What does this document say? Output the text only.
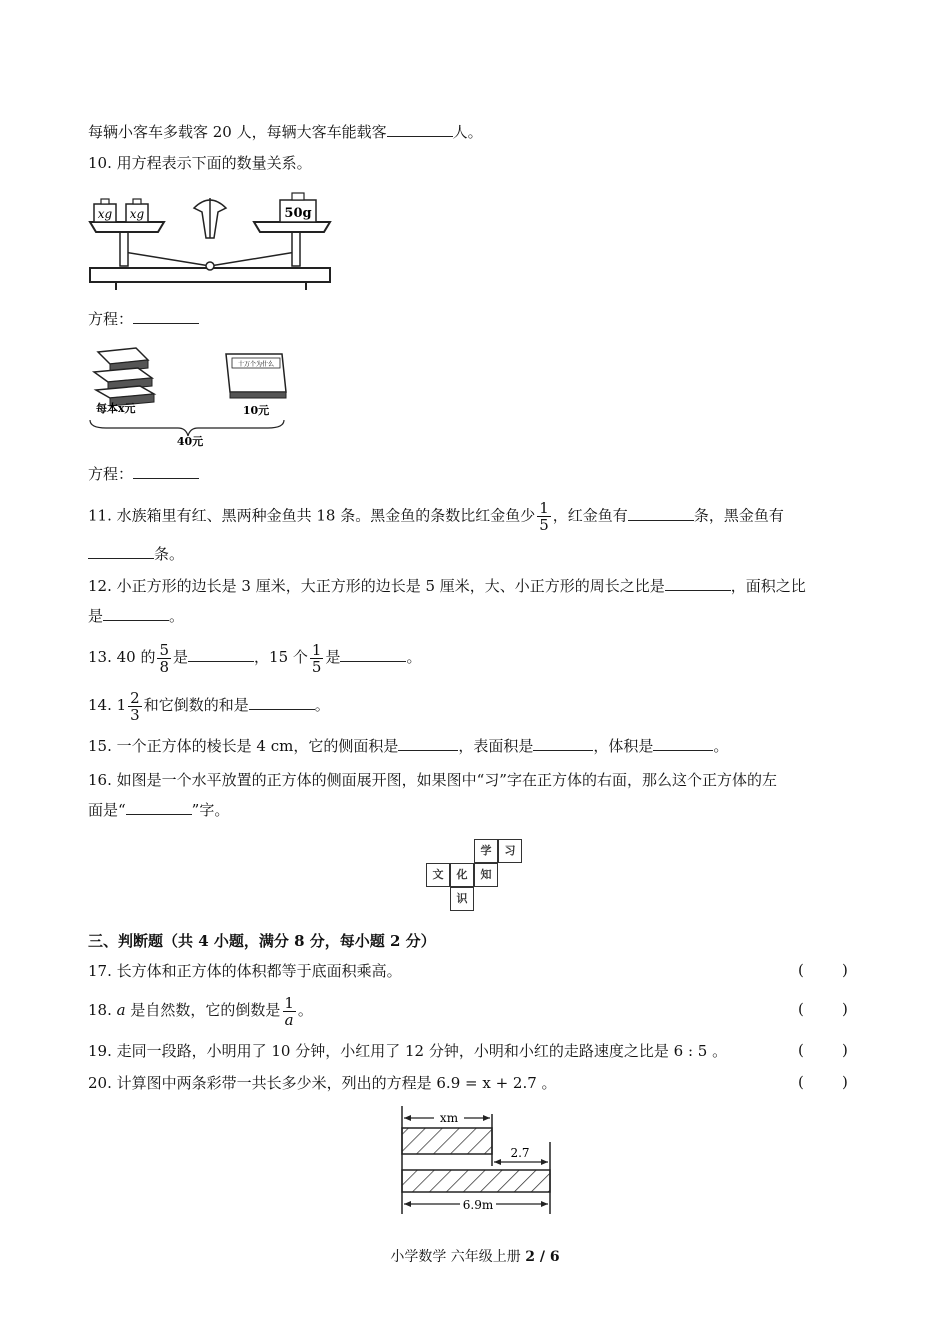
每辆小客车多载客 20 人，每辆大客车能载客	人。
10. 用方程表示下面的数量关系。
xg xg	50g
方程：
每本x元
十万个为什么
10元
40元
方程：
11. 水族箱里有红、黑两种金鱼共 18 条。黑金鱼的条数比红金鱼少 $\frac{1}{5}$ ，红金鱼有	条，黑金鱼有
条。
12. 小正方形的边长是 3 厘米，大正方形的边长是 5 厘米，大、小正方形的周长之比是	，面积之比
是	。
13. 40 的 $\frac{5}{8}$ 是	，15 个 $\frac{1}{5}$ 是	。
14. $1 \frac{2}{3}$ 和它倒数的和是	。
15. 一个正方体的棱长是 4 cm，它的侧面积是	，表面积是	，体积是	。
16. 如图是一个水平放置的正方体的侧面展开图，如果图中“习”字在正方体的右面，那么这个正方体的左
面是“	”字。
学	习
文	化	知
识
三、判断题（共 4 小题，满分 8 分，每小题 2 分）
17. 长方体和正方体的体积都等于底面积乘高。	(        )
18. a 是自然数，它的倒数是 $\frac{1}{a}$ 。	(        )
19. 走同一段路，小明用了 10 分钟，小红用了 12 分钟，小明和小红的走路速度之比是 6 : 5 。	(        )
20. 计算图中两条彩带一共长多少米，列出的方程是 6.9 = x + 2.7 。	(        )
xm
2.7
6.9m
小学数学 六年级上册 2 / 6
